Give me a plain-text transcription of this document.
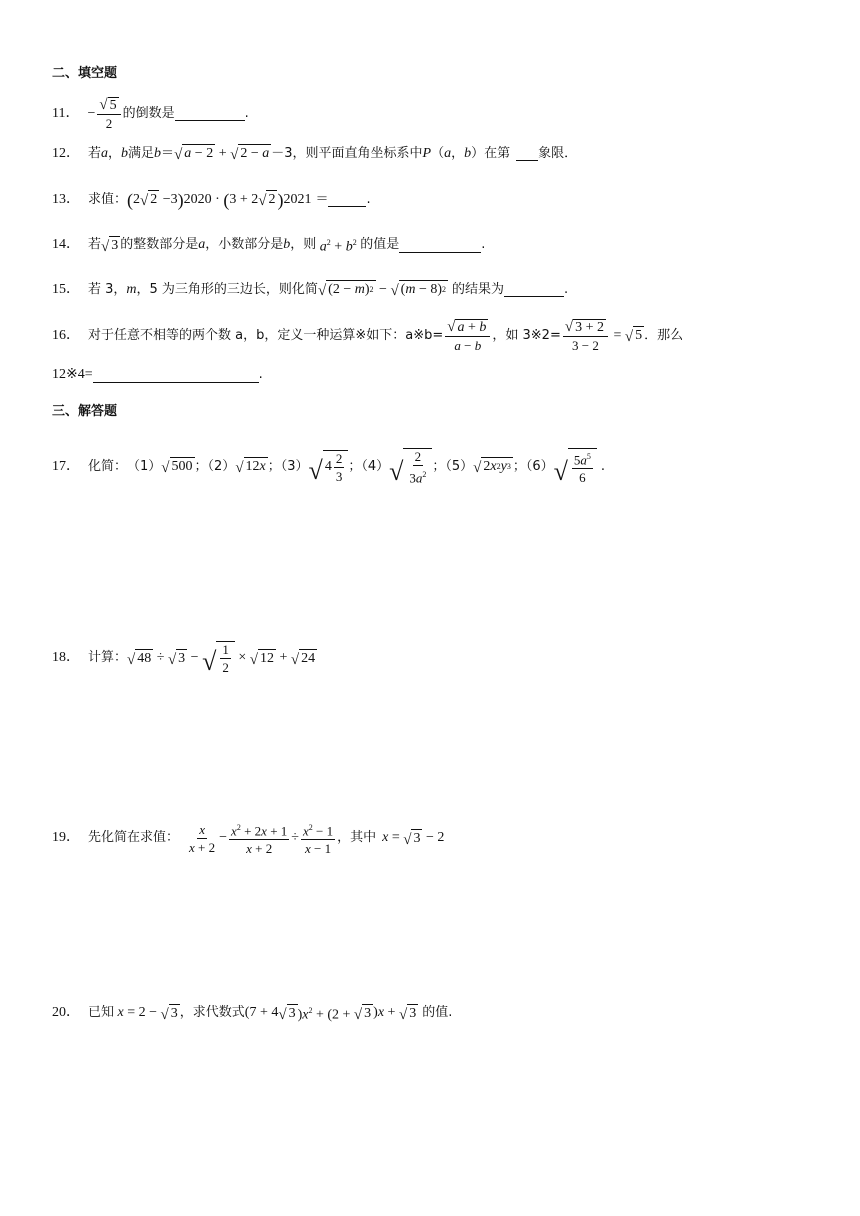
二、填空题
11． − $\frac{√ 5}{2}$ 的倒数是	.
12． 若 a ， b 满足 b ＝ √ a − 2 + √ 2 − a －3，则平面直角坐标系中 P （ a ， b ）在第 象限．
13． 求值： ( 2 √ 2 −3 ) 2020 · ( 3 + 2 √ 2 ) 2021 ＝	.
14． 若 √ 3 的整数部分是 a ，小数部分是 b ，则 $a^2 + b^2$ 的值是	.
15． 若 3， m ，5 为三角形的三边长，则化简 √ (2 − m ) 2 − √ ( m − 8) 2 的结果为	.
16． 对于任意不相等的两个数 a，b，定义一种运算※如下：a※b= $\frac{√ a + b}{a - b}$ ，如 3※2= $\frac{√ 3 + 2}{3 - 2}$ = √ 5 ．那么
12※4=	.
三、解答题
17． 化简： （1） √ 500 ；（2） √ 12 x ；（3） √ $4 \frac{2}{3}$ ；（4） √ $\frac{2}{3a^2}$ ；（5） √ 2 x 2 y 3 ；（6） √ $\frac{5a^5}{6}$ .
18． 计算： √ 48 ÷ √ 3 − √ $\frac{1}{2}$ × √ 12 + √ 24
19． 先化简在求值： $\frac{x}{x + 2} - \frac{x^2 + 2x + 1}{x + 2} \div \frac{x^2 - 1}{x - 1}$ ，其中 x = √ 3 − 2
20． 已知 x = 2 − √ 3 ，求代数式 (7 + 4 √ 3 )$x^2 + (2$ + √ 3 )x + √ 3 的值.
